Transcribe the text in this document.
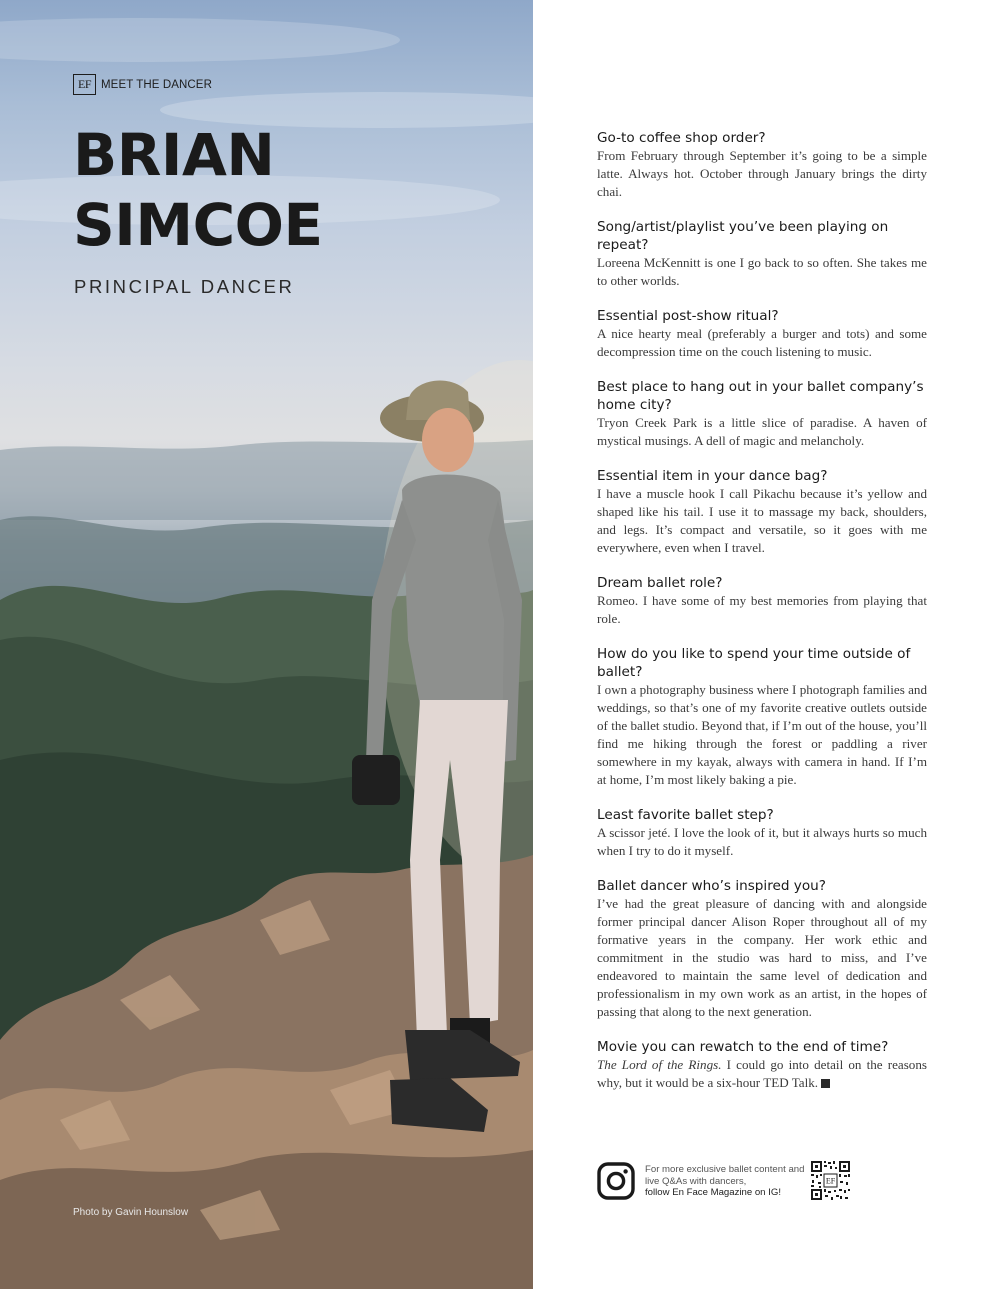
EF MEET THE DANCER
BRIAN
SIMCOE
PRINCIPAL DANCER
Photo by Gavin Hounslow

Go-to coffee shop order?

From February through September it’s going to be a simple latte. Always hot. October through January brings the dirty chai.

Song/artist/playlist you’ve been playing on repeat?

Loreena McKennitt is one I go back to so often. She takes me to other worlds.

Essential post-show ritual?

A nice hearty meal (preferably a burger and tots) and some decompression time on the couch listening to music.

Best place to hang out in your ballet company’s home city?

Tryon Creek Park is a little slice of paradise. A haven of mystical musings. A dell of magic and melancholy.

Essential item in your dance bag?

I have a muscle hook I call Pikachu because it’s yellow and shaped like his tail. I use it to massage my back, shoulders, and legs. It’s compact and versatile, so it goes with me everywhere, even when I travel.

Dream ballet role?

Romeo. I have some of my best memories from playing that role.

How do you like to spend your time outside of ballet?

I own a photography business where I photograph families and weddings, so that’s one of my favorite creative outlets outside of the ballet studio. Beyond that, if I’m out of the house, you’ll find me hiking through the forest or paddling a river somewhere in my kayak, always with camera in hand. If I’m at home, I’m most likely baking a pie.

Least favorite ballet step?

A scissor jeté. I love the look of it, but it always hurts so much when I try to do it myself.

Ballet dancer who’s inspired you?

I’ve had the great pleasure of dancing with and alongside former principal dancer Alison Roper throughout all of my formative years in the company. Her work ethic and commitment in the studio was hard to miss, and I’ve endeavored to maintain the same level of dedication and professionalism in my own work as an artist, in the hopes of passing that along to the next generation.

Movie you can rewatch to the end of time?

The Lord of the Rings. I could go into detail on the reasons why, but it would be a six-hour TED Talk.

For more exclusive ballet content and live Q&As with dancers,
follow En Face Magazine on IG!
EF
